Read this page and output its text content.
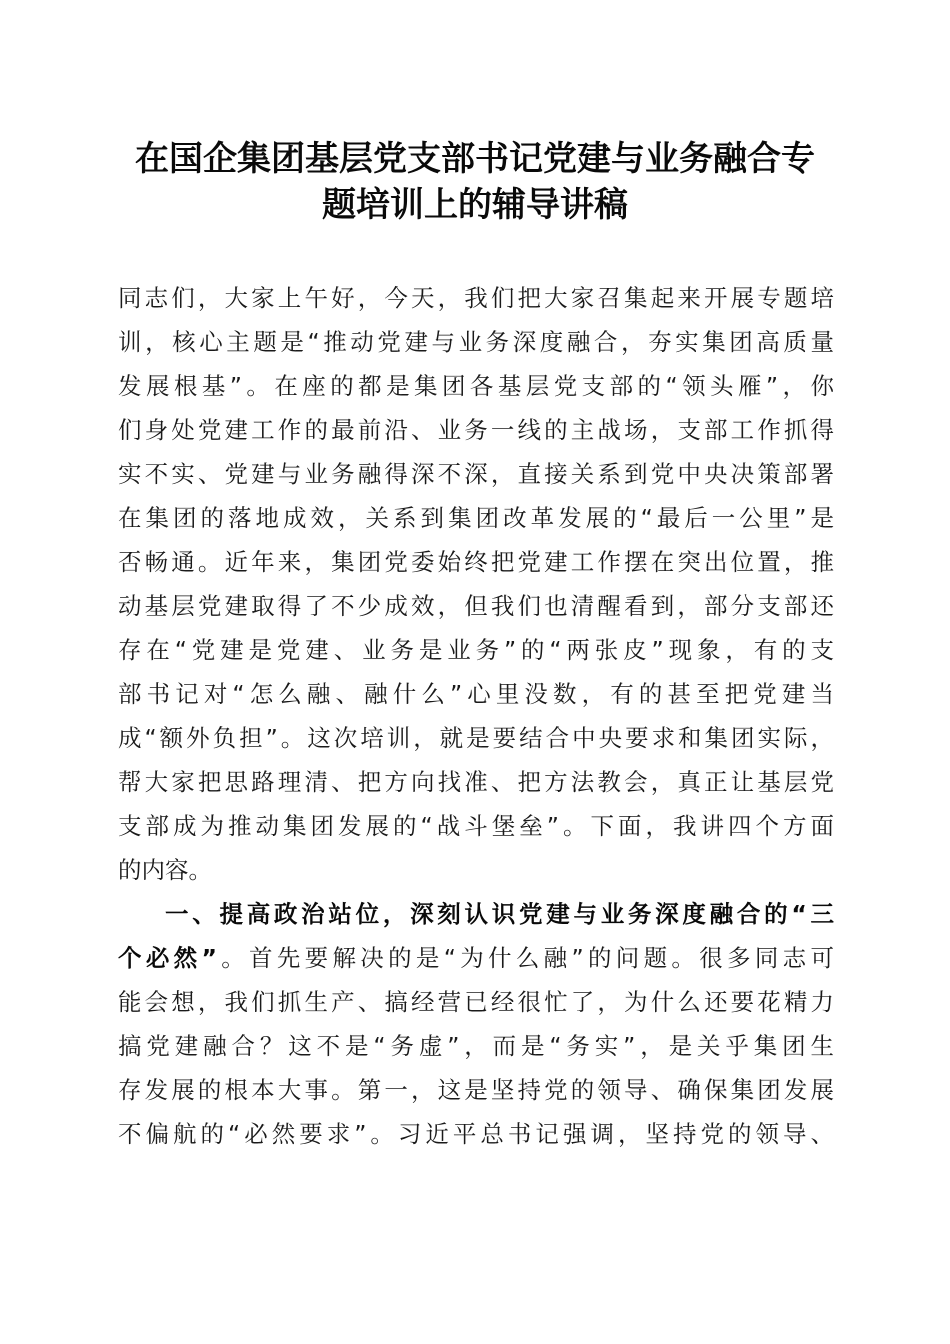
在国企集团基层党支部书记党建与业务融合专
题培训上的辅导讲稿
同志们，大家上午好，今天，我们把大家召集起来开展专题培
训，核心主题是“推动党建与业务深度融合，夯实集团高质量
发展根基”。在座的都是集团各基层党支部的“领头雁”，你
们身处党建工作的最前沿、业务一线的主战场，支部工作抓得
实不实、党建与业务融得深不深，直接关系到党中央决策部署
在集团的落地成效，关系到集团改革发展的“最后一公里”是
否畅通。近年来，集团党委始终把党建工作摆在突出位置，推
动基层党建取得了不少成效，但我们也清醒看到，部分支部还
存在“党建是党建、业务是业务”的“两张皮”现象，有的支
部书记对“怎么融、融什么”心里没数，有的甚至把党建当
成“额外负担”。这次培训，就是要结合中央要求和集团实际，
帮大家把思路理清、把方向找准、把方法教会，真正让基层党
支部成为推动集团发展的“战斗堡垒”。下面，我讲四个方面
的内容。
一、提高政治站位，深刻认识党建与业务深度融合的“三
个必然”。首先要解决的是“为什么融”的问题。很多同志可
能会想，我们抓生产、搞经营已经很忙了，为什么还要花精力
搞党建融合？这不是“务虚”，而是“务实”，是关乎集团生
存发展的根本大事。第一，这是坚持党的领导、确保集团发展
不偏航的“必然要求”。习近平总书记强调，坚持党的领导、
